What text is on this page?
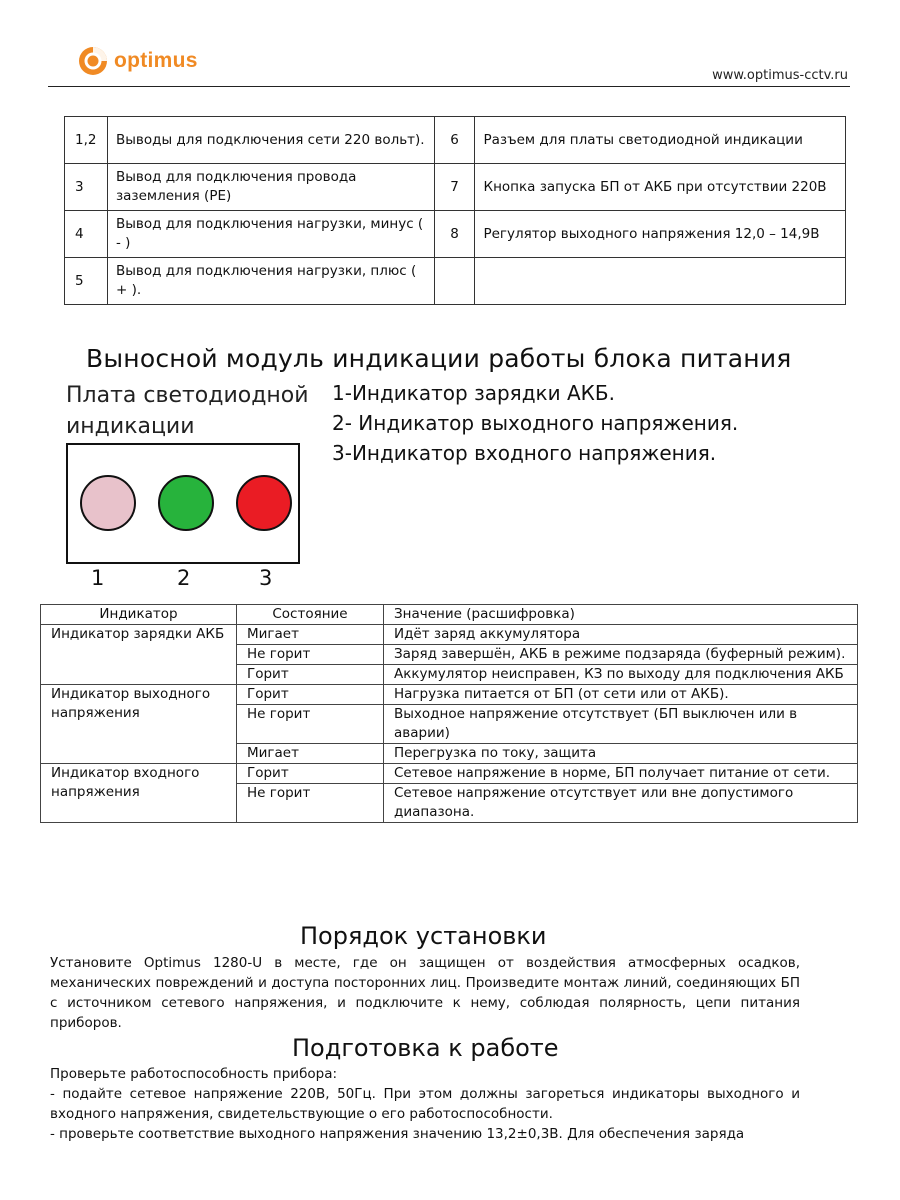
optimus
www.optimus-cctv.ru
1,2	Выводы для подключения сети 220 вольт).	6	Разъем для платы светодиодной индикации
3	Вывод для подключения провода заземления (PE)	7	Кнопка запуска БП от АКБ при отсутствии 220В
4	Вывод для подключения нагрузки, минус ( - )	8	Регулятор выходного напряжения 12,0 – 14,9В
5	Вывод для подключения нагрузки, плюс ( + ).		
Выносной модуль индикации работы блока питания
Плата светодиодной
индикации
1-Индикатор зарядки АКБ.
2- Индикатор выходного напряжения.
3-Индикатор входного напряжения.
1	2	3
Индикатор	Состояние	Значение (расшифровка)
Индикатор зарядки АКБ	Мигает	Идёт заряд аккумулятора
	Не горит	Заряд завершён, АКБ в режиме подзаряда (буферный режим).
	Горит	Аккумулятор неисправен, КЗ по выходу для подключения АКБ
Индикатор выходного напряжения	Горит	Нагрузка питается от БП (от сети или от АКБ).
	Не горит	Выходное напряжение отсутствует (БП выключен или в аварии)
	Мигает	Перегрузка по току, защита
Индикатор входного напряжения	Горит	Сетевое напряжение в норме, БП получает питание от сети.
	Не горит	Сетевое напряжение отсутствует или вне допустимого диапазона.
Порядок установки
Установите Optimus 1280-U в месте, где он защищен от воздействия атмосферных осадков, механических повреждений и доступа посторонних лиц. Произведите монтаж линий, соединяющих БП с источником сетевого напряжения, и подключите к нему, соблюдая полярность, цепи питания приборов.
Подготовка к работе
Проверьте работоспособность прибора:
- подайте сетевое напряжение 220В, 50Гц. При этом должны загореться индикаторы выходного и входного напряжения, свидетельствующие о его работоспособности.
- проверьте соответствие выходного напряжения значению 13,2±0,3В. Для обеспечения заряда
